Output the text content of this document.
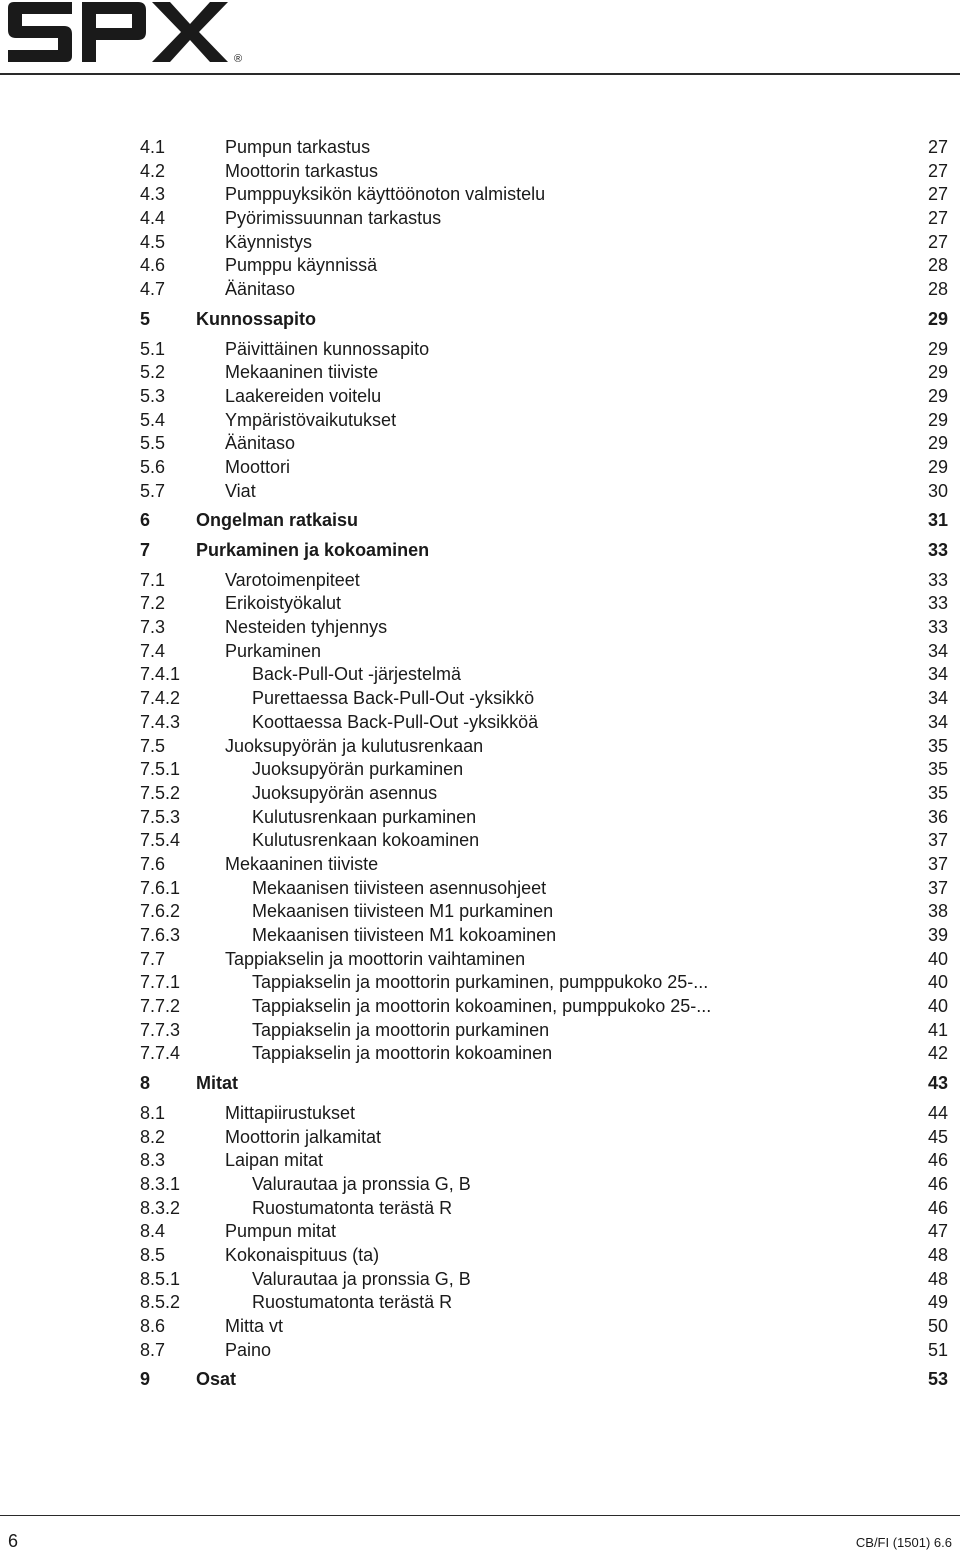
®
4.1	Pumpun tarkastus	27
4.2	Moottorin tarkastus	27
4.3	Pumppuyksikön käyttöönoton valmistelu	27
4.4	Pyörimissuunnan tarkastus	27
4.5	Käynnistys	27
4.6	Pumppu käynnissä	28
4.7	Äänitaso	28
5	Kunnossapito	29
5.1	Päivittäinen kunnossapito	29
5.2	Mekaaninen tiiviste	29
5.3	Laakereiden voitelu	29
5.4	Ympäristövaikutukset	29
5.5	Äänitaso	29
5.6	Moottori	29
5.7	Viat	30
6	Ongelman ratkaisu	31
7	Purkaminen ja kokoaminen	33
7.1	Varotoimenpiteet	33
7.2	Erikoistyökalut	33
7.3	Nesteiden tyhjennys	33
7.4	Purkaminen	34
7.4.1	Back-Pull-Out -järjestelmä	34
7.4.2	Purettaessa Back-Pull-Out -yksikkö	34
7.4.3	Koottaessa Back-Pull-Out -yksikköä	34
7.5	Juoksupyörän ja kulutusrenkaan	35
7.5.1	Juoksupyörän purkaminen	35
7.5.2	Juoksupyörän asennus	35
7.5.3	Kulutusrenkaan purkaminen	36
7.5.4	Kulutusrenkaan kokoaminen	37
7.6	Mekaaninen tiiviste	37
7.6.1	Mekaanisen tiivisteen asennusohjeet	37
7.6.2	Mekaanisen tiivisteen M1 purkaminen	38
7.6.3	Mekaanisen tiivisteen M1 kokoaminen	39
7.7	Tappiakselin ja moottorin vaihtaminen	40
7.7.1	Tappiakselin ja moottorin purkaminen, pumppukoko 25-...	40
7.7.2	Tappiakselin ja moottorin kokoaminen, pumppukoko 25-...	40
7.7.3	Tappiakselin ja moottorin purkaminen	41
7.7.4	Tappiakselin ja moottorin kokoaminen	42
8	Mitat	43
8.1	Mittapiirustukset	44
8.2	Moottorin jalkamitat	45
8.3	Laipan mitat	46
8.3.1	Valurautaa ja pronssia G, B	46
8.3.2	Ruostumatonta terästä R	46
8.4	Pumpun mitat	47
8.5	Kokonaispituus (ta)	48
8.5.1	Valurautaa ja pronssia G, B	48
8.5.2	Ruostumatonta terästä R	49
8.6	Mitta vt	50
8.7	Paino	51
9	Osat	53
6	CB/FI (1501) 6.6
